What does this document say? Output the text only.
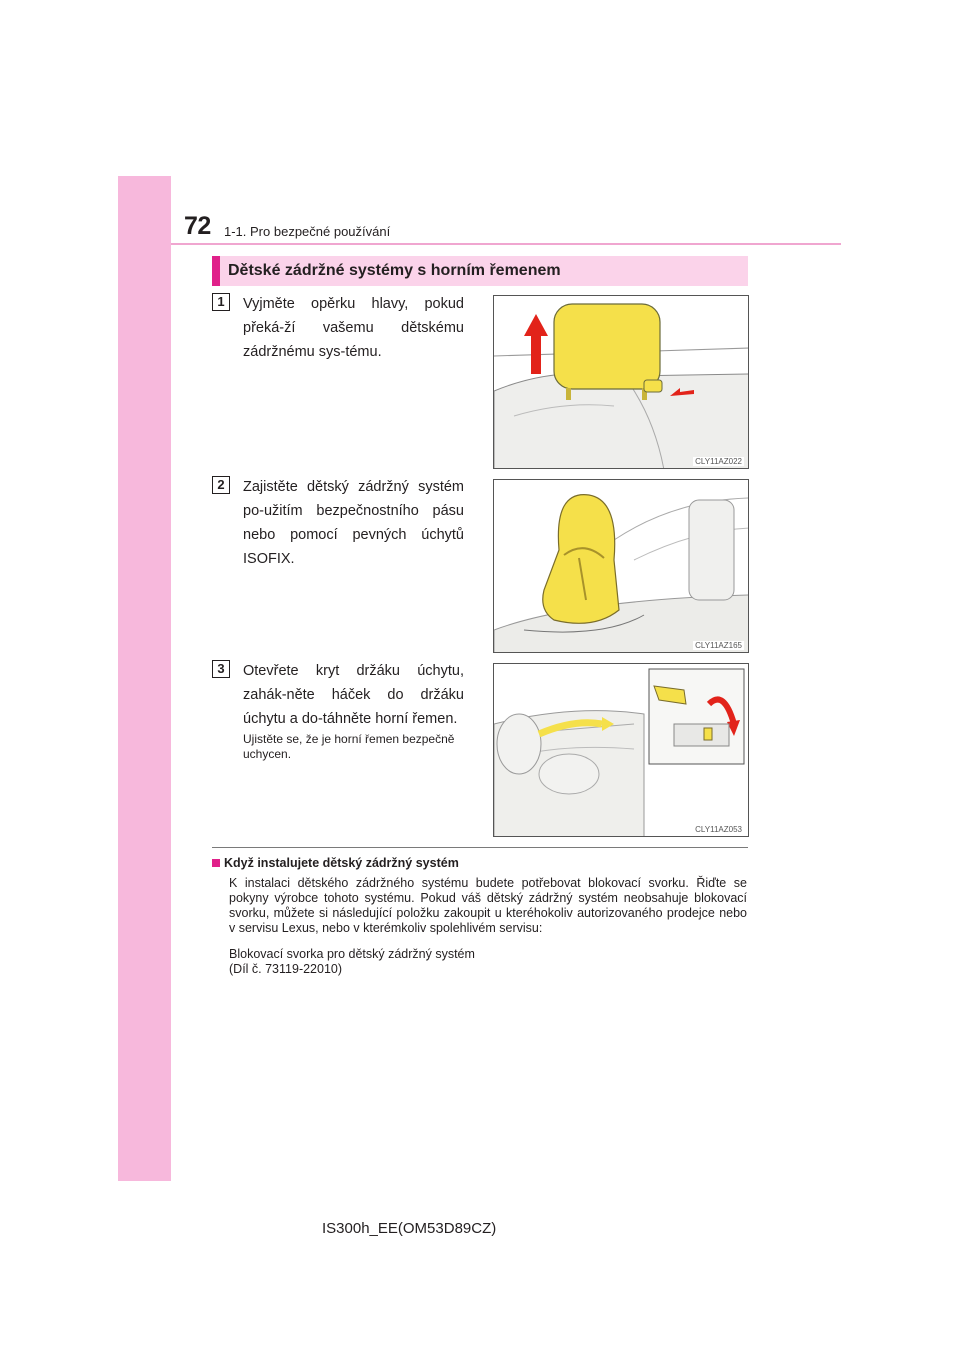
72 1-1. Pro bezpečné používání
Dětské zádržné systémy s horním řemenem
1	Vyjměte opěrku hlavy, pokud překá-ží vašemu dětskému zádržnému sys-tému.
CLY11AZ022
2	Zajistěte dětský zádržný systém po-užitím bezpečnostního pásu nebo pomocí pevných úchytů ISOFIX.
CLY11AZ165
3	Otevřete kryt držáku úchytu, zahák-něte háček do držáku úchytu a do-táhněte horní řemen.
Ujistěte se, že je horní řemen bezpečně uchycen.
CLY11AZ053
Když instalujete dětský zádržný systém
K instalaci dětského zádržného systému budete potřebovat blokovací svorku. Řiďte se pokyny výrobce tohoto systému. Pokud váš dětský zádržný systém neobsahuje blokovací svorku, můžete si následující položku zakoupit u kteréhokoliv autorizovaného prodejce nebo v servisu Lexus, nebo v kterémkoliv spolehlivém servisu:
Blokovací svorka pro dětský zádržný systém
(Díl č. 73119-22010)
IS300h_EE(OM53D89CZ)
